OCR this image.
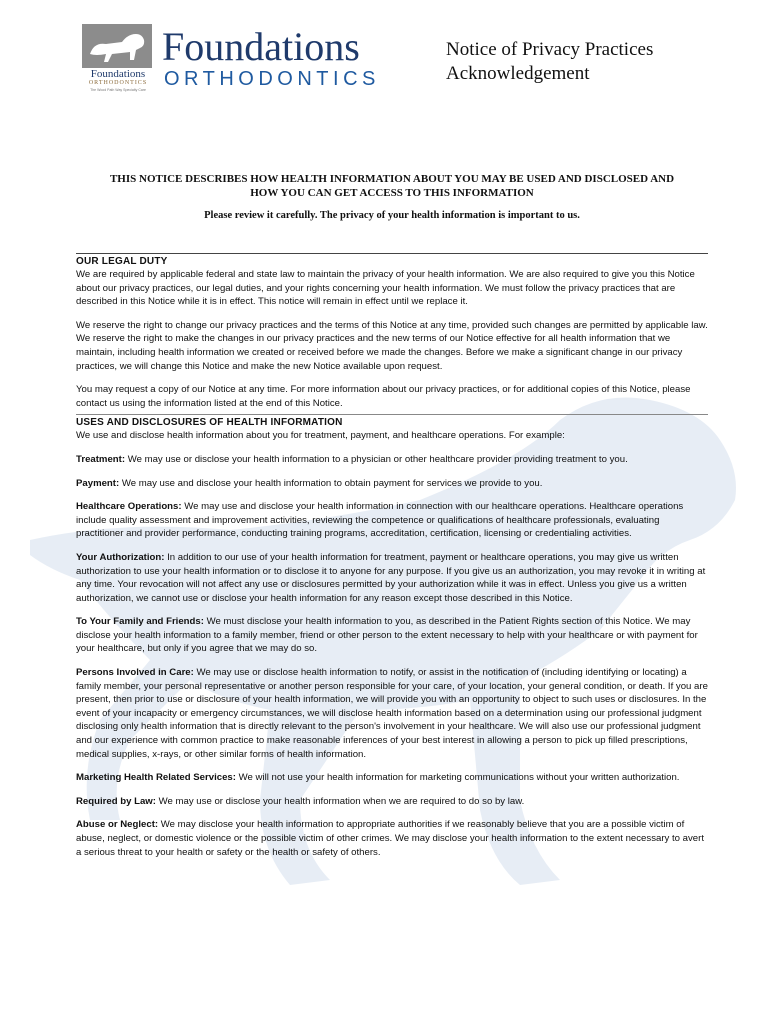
Foundations
ORTHODONTICS
The Wood Path Way Specialty Care
Foundations
ORTHODONTICS
Notice of Privacy Practices
Acknowledgement
THIS NOTICE DESCRIBES HOW HEALTH INFORMATION ABOUT YOU MAY BE USED AND DISCLOSED AND
HOW YOU CAN GET ACCESS TO THIS INFORMATION
Please review it carefully. The privacy of your health information is important to us.
OUR LEGAL DUTY

We are required by applicable federal and state law to maintain the privacy of your health information. We are also required to give you this Notice about our privacy practices, our legal duties, and your rights concerning your health information. We must follow the privacy practices that are described in this Notice while it is in effect. This notice will remain in effect until we replace it.

We reserve the right to change our privacy practices and the terms of this Notice at any time, provided such changes are permitted by applicable law. We reserve the right to make the changes in our privacy practices and the new terms of our Notice effective for all health information that we maintain, including health information we created or received before we made the changes. Before we make a significant change in our privacy practices, we will change this Notice and make the new Notice available upon request.

You may request a copy of our Notice at any time. For more information about our privacy practices, or for additional copies of this Notice, please contact us using the information listed at the end of this Notice.

USES AND DISCLOSURES OF HEALTH INFORMATION

We use and disclose health information about you for treatment, payment, and healthcare operations. For example:

Treatment: We may use or disclose your health information to a physician or other healthcare provider providing treatment to you.

Payment: We may use and disclose your health information to obtain payment for services we provide to you.

Healthcare Operations: We may use and disclose your health information in connection with our healthcare operations. Healthcare operations include quality assessment and improvement activities, reviewing the competence or qualifications of healthcare professionals, evaluating practitioner and provider performance, conducting training programs, accreditation, certification, licensing or credentialing activities.

Your Authorization: In addition to our use of your health information for treatment, payment or healthcare operations, you may give us written authorization to use your health information or to disclose it to anyone for any purpose. If you give us an authorization, you may revoke it in writing at any time. Your revocation will not affect any use or disclosures permitted by your authorization while it was in effect. Unless you give us a written authorization, we cannot use or disclose your health information for any reason except those described in this Notice.

To Your Family and Friends: We must disclose your health information to you, as described in the Patient Rights section of this Notice. We may disclose your health information to a family member, friend or other person to the extent necessary to help with your healthcare or with payment for your healthcare, but only if you agree that we may do so.

Persons Involved in Care: We may use or disclose health information to notify, or assist in the notification of (including identifying or locating) a family member, your personal representative or another person responsible for your care, of your location, your general condition, or death. If you are present, then prior to use or disclosure of your health information, we will provide you with an opportunity to object to such uses or disclosures. In the event of your incapacity or emergency circumstances, we will disclose health information based on a determination using our professional judgment disclosing only health information that is directly relevant to the person's involvement in your healthcare. We will also use our professional judgment and our experience with common practice to make reasonable inferences of your best interest in allowing a person to pick up filled prescriptions, medical supplies, x-rays, or other similar forms of health information.

Marketing Health Related Services: We will not use your health information for marketing communications without your written authorization.

Required by Law: We may use or disclose your health information when we are required to do so by law.

Abuse or Neglect: We may disclose your health information to appropriate authorities if we reasonably believe that you are a possible victim of abuse, neglect, or domestic violence or the possible victim of other crimes. We may disclose your health information to the extent necessary to avert a serious threat to your health or safety or the health or safety of others.
